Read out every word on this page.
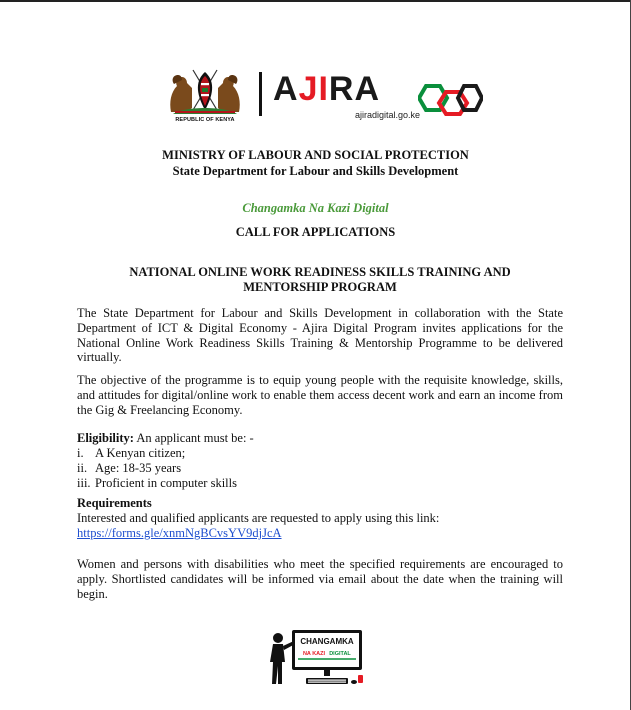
REPUBLIC OF KENYA
AJIRA
ajiradigital.go.ke
MINISTRY OF LABOUR AND SOCIAL PROTECTION
State Department for Labour and Skills Development
Changamka Na Kazi Digital
CALL FOR APPLICATIONS
NATIONAL ONLINE WORK READINESS SKILLS TRAINING AND
MENTORSHIP PROGRAM

The State Department for Labour and Skills Development in collaboration with the State Department of ICT & Digital Economy - Ajira Digital Program invites applications for the National Online Work Readiness Skills Training & Mentorship Programme to be delivered virtually.

The objective of the programme is to equip young people with the requisite knowledge, skills, and attitudes for digital/online work to enable them access decent work and earn an income from the Gig & Freelancing Economy.

Eligibility: An applicant must be: -
i. A Kenyan citizen;
ii. Age: 18-35 years
iii. Proficient in computer skills
Requirements
Interested and qualified applicants are requested to apply using this link:
https://forms.gle/xnmNgBCvsYV9djJcA

Women and persons with disabilities who meet the specified requirements are encouraged to apply. Shortlisted candidates will be informed via email about the date when the training will begin.

CHANGAMKA
NA KAZI DIGITAL
